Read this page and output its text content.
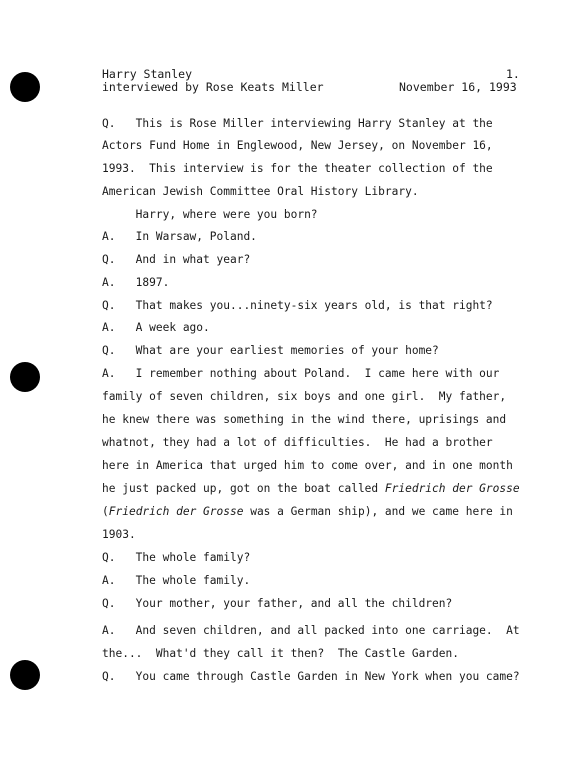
Harry Stanley
interviewed by Rose Keats Miller
1.
November 16, 1993
Q.   This is Rose Miller interviewing Harry Stanley at the
Actors Fund Home in Englewood, New Jersey, on November 16,
1993.  This interview is for the theater collection of the
American Jewish Committee Oral History Library.
Harry, where were you born?
A.   In Warsaw, Poland.
Q.   And in what year?
A.   1897.
Q.   That makes you...ninety-six years old, is that right?
A.   A week ago.
Q.   What are your earliest memories of your home?
A.   I remember nothing about Poland.  I came here with our
family of seven children, six boys and one girl.  My father,
he knew there was something in the wind there, uprisings and
whatnot, they had a lot of difficulties.  He had a brother
here in America that urged him to come over, and in one month
he just packed up, got on the boat called Friedrich der Grosse
(Friedrich der Grosse was a German ship), and we came here in
1903.
Q.   The whole family?
A.   The whole family.
Q.   Your mother, your father, and all the children?
A.   And seven children, and all packed into one carriage.  At
the...  What'd they call it then?  The Castle Garden.
Q.   You came through Castle Garden in New York when you came?
